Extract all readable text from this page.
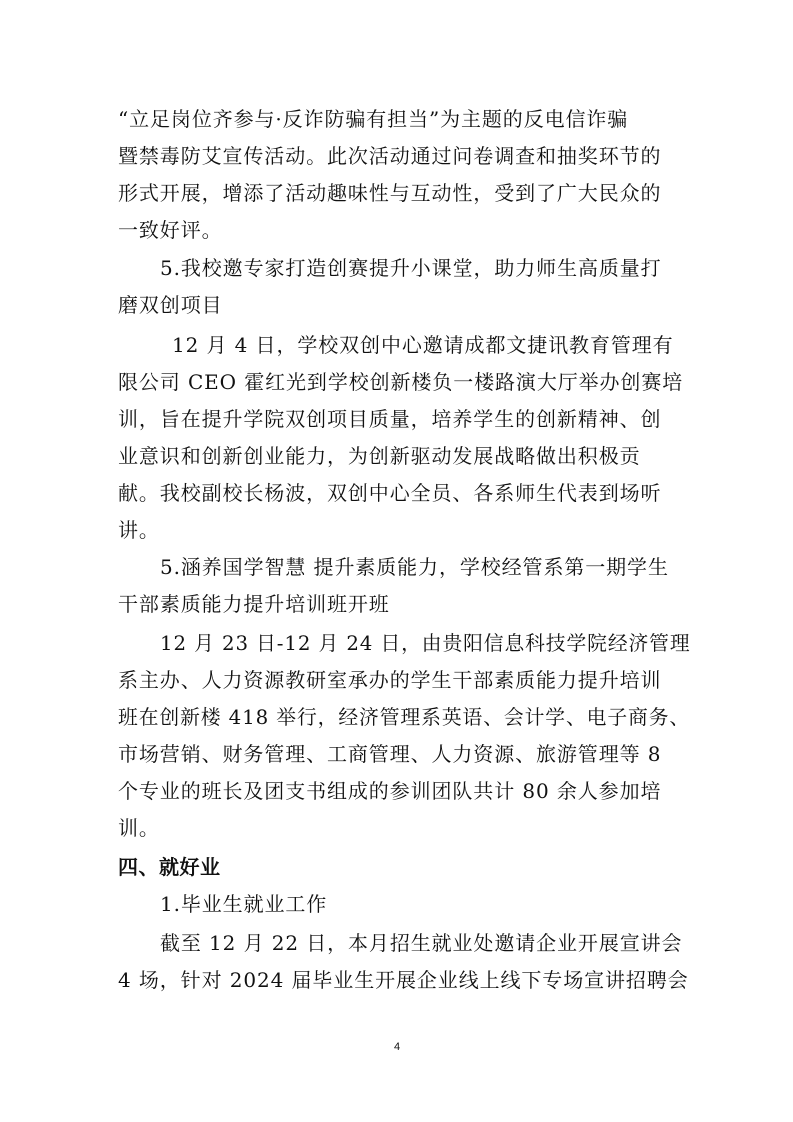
“立足岗位齐参与·反诈防骗有担当”为主题的反电信诈骗

暨禁毒防艾宣传活动。此次活动通过问卷调查和抽奖环节的

形式开展，增添了活动趣味性与互动性，受到了广大民众的

一致好评。

5.我校邀专家打造创赛提升小课堂，助力师生高质量打

磨双创项目

12 月 4 日，学校双创中心邀请成都文捷讯教育管理有

限公司 CEO 霍红光到学校创新楼负一楼路演大厅举办创赛培

训，旨在提升学院双创项目质量，培养学生的创新精神、创

业意识和创新创业能力，为创新驱动发展战略做出积极贡

献。我校副校长杨波，双创中心全员、各系师生代表到场听

讲。

5.涵养国学智慧 提升素质能力，学校经管系第一期学生

干部素质能力提升培训班开班

12 月 23 日-12 月 24 日，由贵阳信息科技学院经济管理

系主办、人力资源教研室承办的学生干部素质能力提升培训

班在创新楼 418 举行，经济管理系英语、会计学、电子商务、

市场营销、财务管理、工商管理、人力资源、旅游管理等 8

个专业的班长及团支书组成的参训团队共计 80 余人参加培

训。

四、就好业

1.毕业生就业工作

截至 12 月 22 日，本月招生就业处邀请企业开展宣讲会

4 场，针对 2024 届毕业生开展企业线上线下专场宣讲招聘会

4
